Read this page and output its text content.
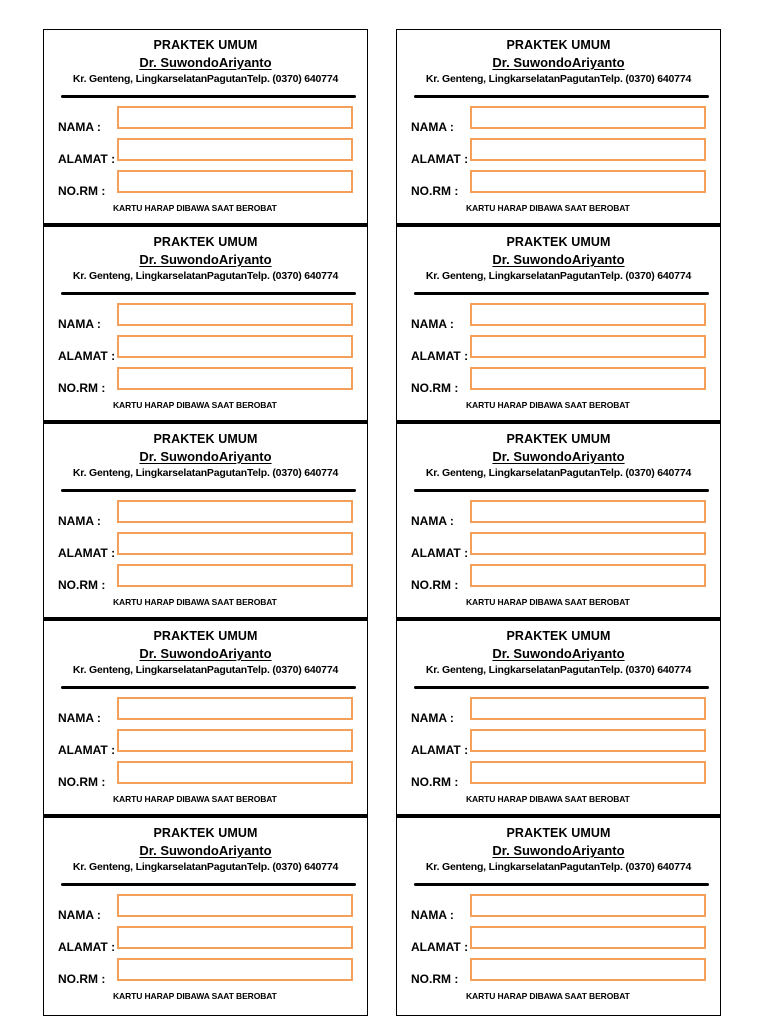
PRAKTEK UMUM
Dr. SuwondoAriyanto
Kr. Genteng, LingkarselatanPagutanTelp. (0370) 640774
NAMA :
ALAMAT :
NO.RM :
KARTU HARAP DIBAWA SAAT BEROBAT
PRAKTEK UMUM
Dr. SuwondoAriyanto
Kr. Genteng, LingkarselatanPagutanTelp. (0370) 640774
NAMA :
ALAMAT :
NO.RM :
KARTU HARAP DIBAWA SAAT BEROBAT
PRAKTEK UMUM
Dr. SuwondoAriyanto
Kr. Genteng, LingkarselatanPagutanTelp. (0370) 640774
NAMA :
ALAMAT :
NO.RM :
KARTU HARAP DIBAWA SAAT BEROBAT
PRAKTEK UMUM
Dr. SuwondoAriyanto
Kr. Genteng, LingkarselatanPagutanTelp. (0370) 640774
NAMA :
ALAMAT :
NO.RM :
KARTU HARAP DIBAWA SAAT BEROBAT
PRAKTEK UMUM
Dr. SuwondoAriyanto
Kr. Genteng, LingkarselatanPagutanTelp. (0370) 640774
NAMA :
ALAMAT :
NO.RM :
KARTU HARAP DIBAWA SAAT BEROBAT
PRAKTEK UMUM
Dr. SuwondoAriyanto
Kr. Genteng, LingkarselatanPagutanTelp. (0370) 640774
NAMA :
ALAMAT :
NO.RM :
KARTU HARAP DIBAWA SAAT BEROBAT
PRAKTEK UMUM
Dr. SuwondoAriyanto
Kr. Genteng, LingkarselatanPagutanTelp. (0370) 640774
NAMA :
ALAMAT :
NO.RM :
KARTU HARAP DIBAWA SAAT BEROBAT
PRAKTEK UMUM
Dr. SuwondoAriyanto
Kr. Genteng, LingkarselatanPagutanTelp. (0370) 640774
NAMA :
ALAMAT :
NO.RM :
KARTU HARAP DIBAWA SAAT BEROBAT
PRAKTEK UMUM
Dr. SuwondoAriyanto
Kr. Genteng, LingkarselatanPagutanTelp. (0370) 640774
NAMA :
ALAMAT :
NO.RM :
KARTU HARAP DIBAWA SAAT BEROBAT
PRAKTEK UMUM
Dr. SuwondoAriyanto
Kr. Genteng, LingkarselatanPagutanTelp. (0370) 640774
NAMA :
ALAMAT :
NO.RM :
KARTU HARAP DIBAWA SAAT BEROBAT
